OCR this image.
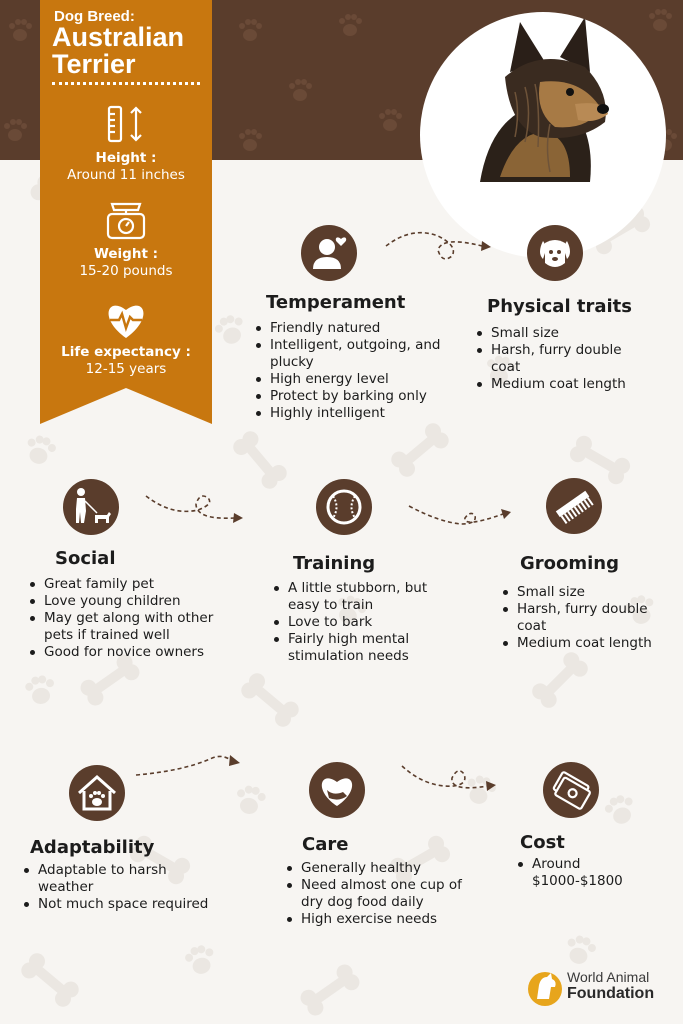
Dog Breed:
Australian Terrier
Height :
Around 11 inches
Weight :
15-20 pounds
Life expectancy :
12-15 years
Temperament
Friendly natured
Intelligent, outgoing, and plucky
High energy level
Protect by barking only
Highly intelligent
Physical traits
Small size
Harsh, furry double coat
Medium coat length
Social
Great family pet
Love young children
May get along with other pets if trained well
Good for novice owners
Training
A little stubborn, but easy to train
Love to bark
Fairly high mental stimulation needs
Grooming
Small size
Harsh, furry double coat
Medium coat length
Adaptability
Adaptable to harsh weather
Not much space required
Care
Generally healthy
Need almost one cup of dry dog food daily
High exercise needs
Cost
Around $1000-$1800
World Animal
Foundation
